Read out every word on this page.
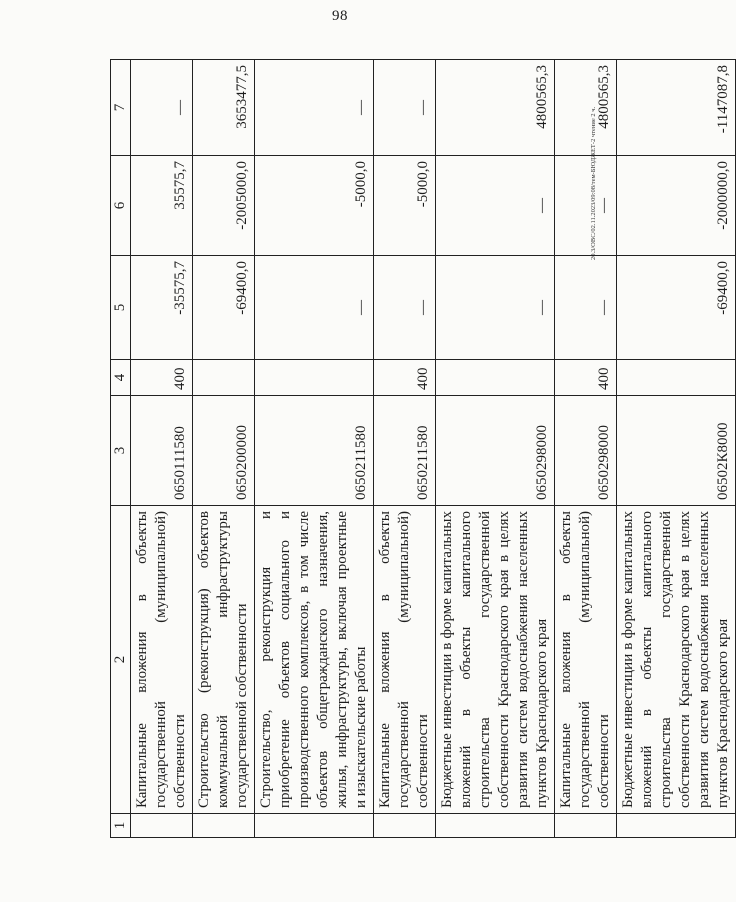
98
20.3/ОВС/02.11.2023/09:08/тем-БЮДЖЕТ-2 чтение 2 ч.
1	2	3	4	5	6	7
	Капитальные вложения в объекты государственной (муниципальной) собственности	0650111580	400	-35575,7	35575,7	—
	Строительство (реконструкция) объектов коммунальной инфраструктуры государственной собственности	0650200000		-69400,0	-2005000,0	3653477,5
	Строительство, реконструкция и приобретение объектов социального и производственного комплексов, в том числе объектов общегражданского назначения, жилья, инфраструктуры, включая проектные и изыскательские работы	0650211580		—	-5000,0	—
	Капитальные вложения в объекты государственной (муниципальной) собственности	0650211580	400	—	-5000,0	—
	Бюджетные инвестиции в форме капитальных вложений в объекты капитального строительства государственной собственности Краснодарского края в целях развития систем водоснабжения населенных пунктов Краснодарского края	0650298000		—	—	4800565,3
	Капитальные вложения в объекты государственной (муниципальной) собственности	0650298000	400	—	—	4800565,3
	Бюджетные инвестиции в форме капитальных вложений в объекты капитального строительства государственной собственности Краснодарского края в целях развития систем водоснабжения населенных пунктов Краснодарского края	06502К8000		-69400,0	-2000000,0	-1147087,8
